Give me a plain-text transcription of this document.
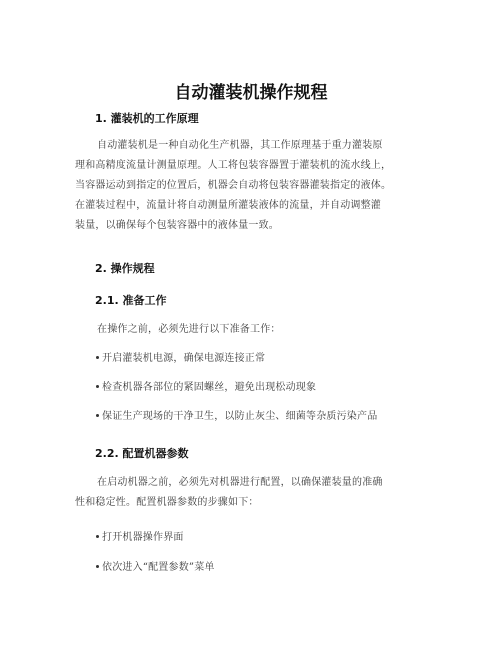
自动灌装机操作规程
1. 灌装机的工作原理
自动灌装机是一种自动化生产机器，其工作原理基于重力灌装原
理和高精度流量计测量原理。人工将包装容器置于灌装机的流水线上，
当容器运动到指定的位置后，机器会自动将包装容器灌装指定的液体。
在灌装过程中，流量计将自动测量所灌装液体的流量，并自动调整灌
装量，以确保每个包装容器中的液体量一致。
2. 操作规程
2.1. 准备工作
在操作之前，必须先进行以下准备工作：
开启灌装机电源，确保电源连接正常
检查机器各部位的紧固螺丝，避免出现松动现象
保证生产现场的干净卫生，以防止灰尘、细菌等杂质污染产品
2.2. 配置机器参数
在启动机器之前，必须先对机器进行配置，以确保灌装量的准确
性和稳定性。配置机器参数的步骤如下：
打开机器操作界面
依次进入“配置参数”菜单
